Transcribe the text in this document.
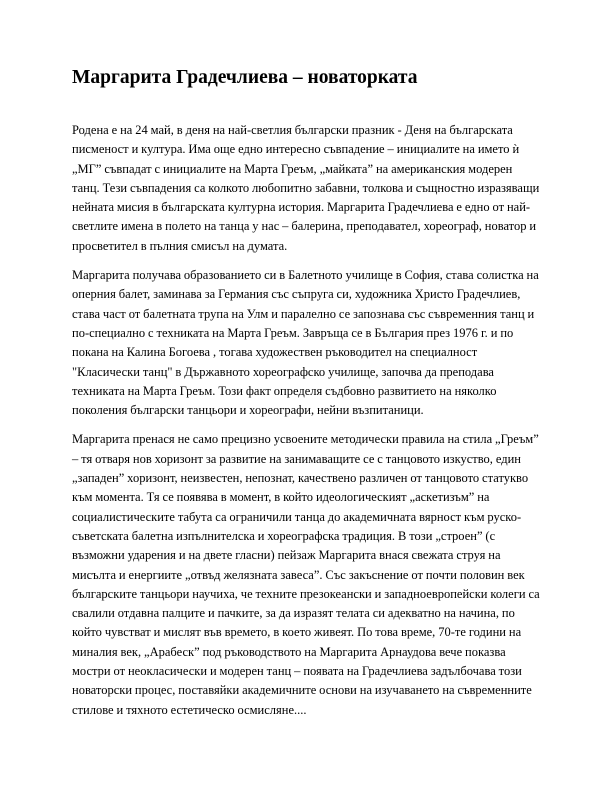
Маргарита Градечлиева – новаторката

Родена е на 24 май, в деня на най-светлия български празник - Деня на българската
писменост и култура. Има още едно интересно съвпадение – инициалите на името ѝ
„МГ” съвпадат с инициалите на Марта Греъм, „майката” на американския модерен
танц. Тези съвпадения са колкото любопитно забавни, толкова и същностно изразяващи
нейната мисия в българската културна история. Маргарита Градечлиева е едно от най-
светлите имена в полето на танца у нас – балерина, преподавател, хореограф, новатор и
просветител в пълния смисъл на думата.

Маргарита получава образованието си в Балетното училище в София, става солистка на
оперния балет, заминава за Германия със съпруга си, художника Христо Градечлиев,
става част от балетната трупа на Улм и паралелно се запознава със съвременния танц и
по-специално с техниката на Марта Греъм. Завръща се в България през 1976 г. и по
покана на Калина Богоева , тогава художествен ръководител на специалност
"Класически танц" в Държавното хореографско училище, започва да преподава
техниката на Марта Греъм. Този факт определя съдбовно развитието на няколко
поколения български танцьори и хореографи, нейни възпитаници.

Маргарита пренася не само прецизно усвоените методически правила на стила „Греъм”
– тя отваря нов хоризонт за развитие на занимаващите се с танцовото изкуство, един
„западен” хоризонт, неизвестен, непознат, качествено различен от танцовото статукво
към момента. Тя се появява в момент, в който идеологическият „аскетизъм” на
социалистическите табута са ограничили танца до академичната вярност към руско-
съветската балетна изпълнителска и хореографска традиция. В този „строен” (с
възможни ударения и на двете гласни) пейзаж Маргарита внася свежата струя на
мисълта и енергиите „отвъд желязната завеса”. Със закъснение от почти половин век
българските танцьори научиха, че техните презокеански и западноевропейски колеги са
свалили отдавна палците и пачките, за да изразят телата си адекватно на начина, по
който чувстват и мислят във времето, в което живеят. По това време, 70-те години на
миналия век, „Арабеск” под ръководството на Маргарита Арнаудова вече показва
мостри от неокласически и модерен танц – появата на Градечлиева задълбочава този
новаторски процес, поставяйки академичните основи на изучаването на съвременните
стилове и тяхното естетическо осмисляне....
